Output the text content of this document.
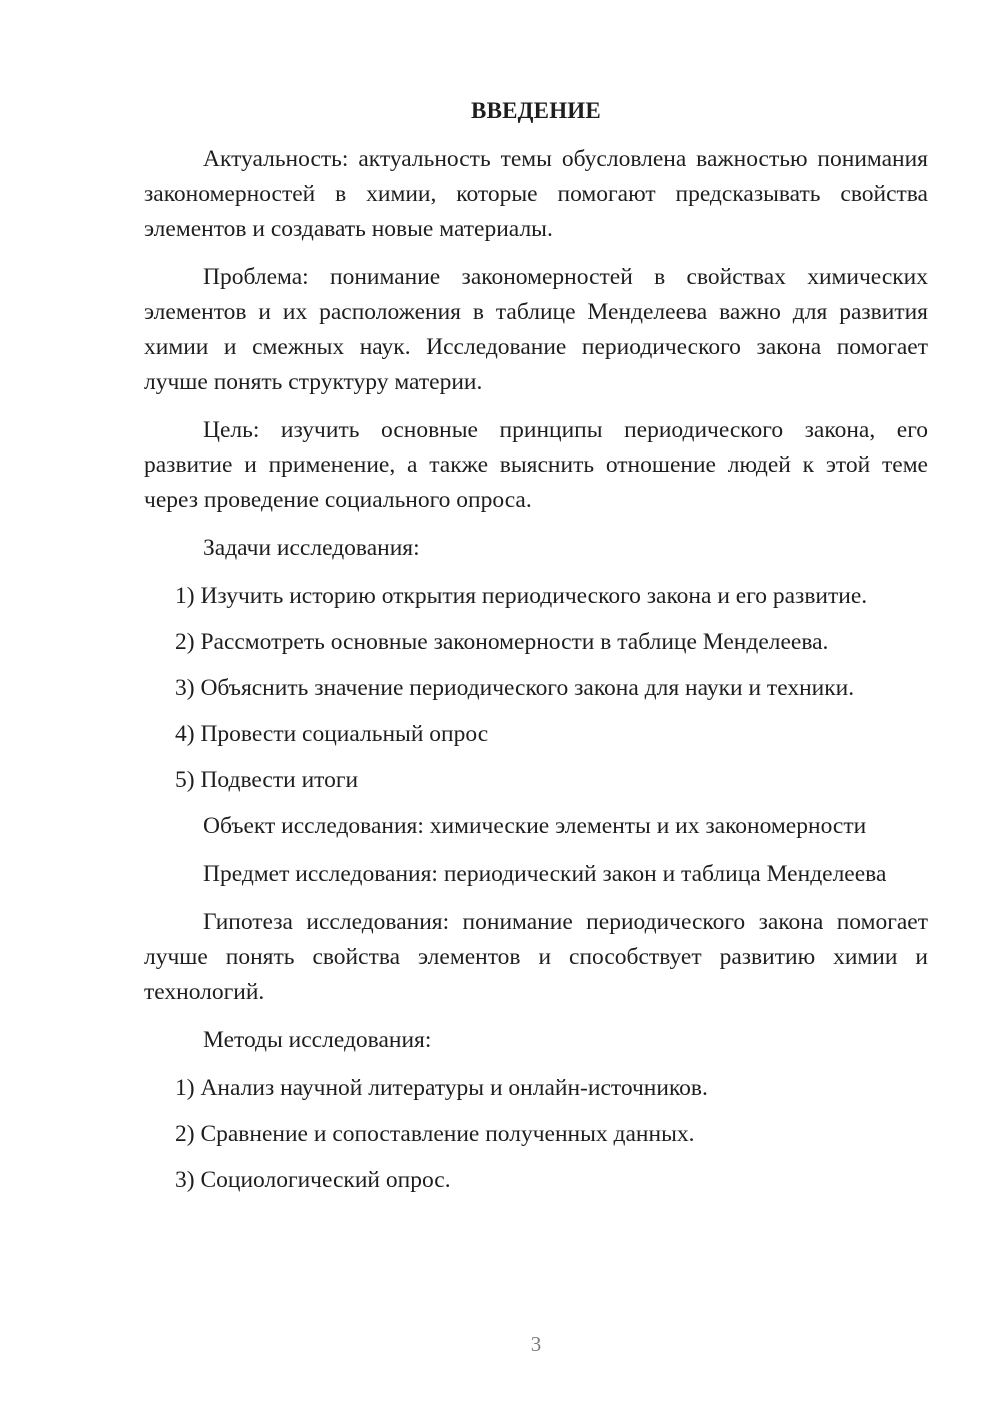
ВВЕДЕНИЕ

Актуальность: актуальность темы обусловлена важностью понимания закономерностей в химии, которые помогают предсказывать свойства элементов и создавать новые материалы.

Проблема: понимание закономерностей в свойствах химических элементов и их расположения в таблице Менделеева важно для развития химии и смежных наук. Исследование периодического закона помогает лучше понять структуру материи.

Цель: изучить основные принципы периодического закона, его развитие и применение, а также выяснить отношение людей к этой теме через проведение социального опроса.

Задачи исследования:

1) Изучить историю открытия периодического закона и его развитие.
2) Рассмотреть основные закономерности в таблице Менделеева.
3) Объяснить значение периодического закона для науки и техники.
4) Провести социальный опрос
5) Подвести итоги

Объект исследования: химические элементы и их закономерности

Предмет исследования: периодический закон и таблица Менделеева

Гипотеза исследования: понимание периодического закона помогает лучше понять свойства элементов и способствует развитию химии и технологий.

Методы исследования:

1) Анализ научной литературы и онлайн-источников.
2) Сравнение и сопоставление полученных данных.
3) Социологический опрос.
3
